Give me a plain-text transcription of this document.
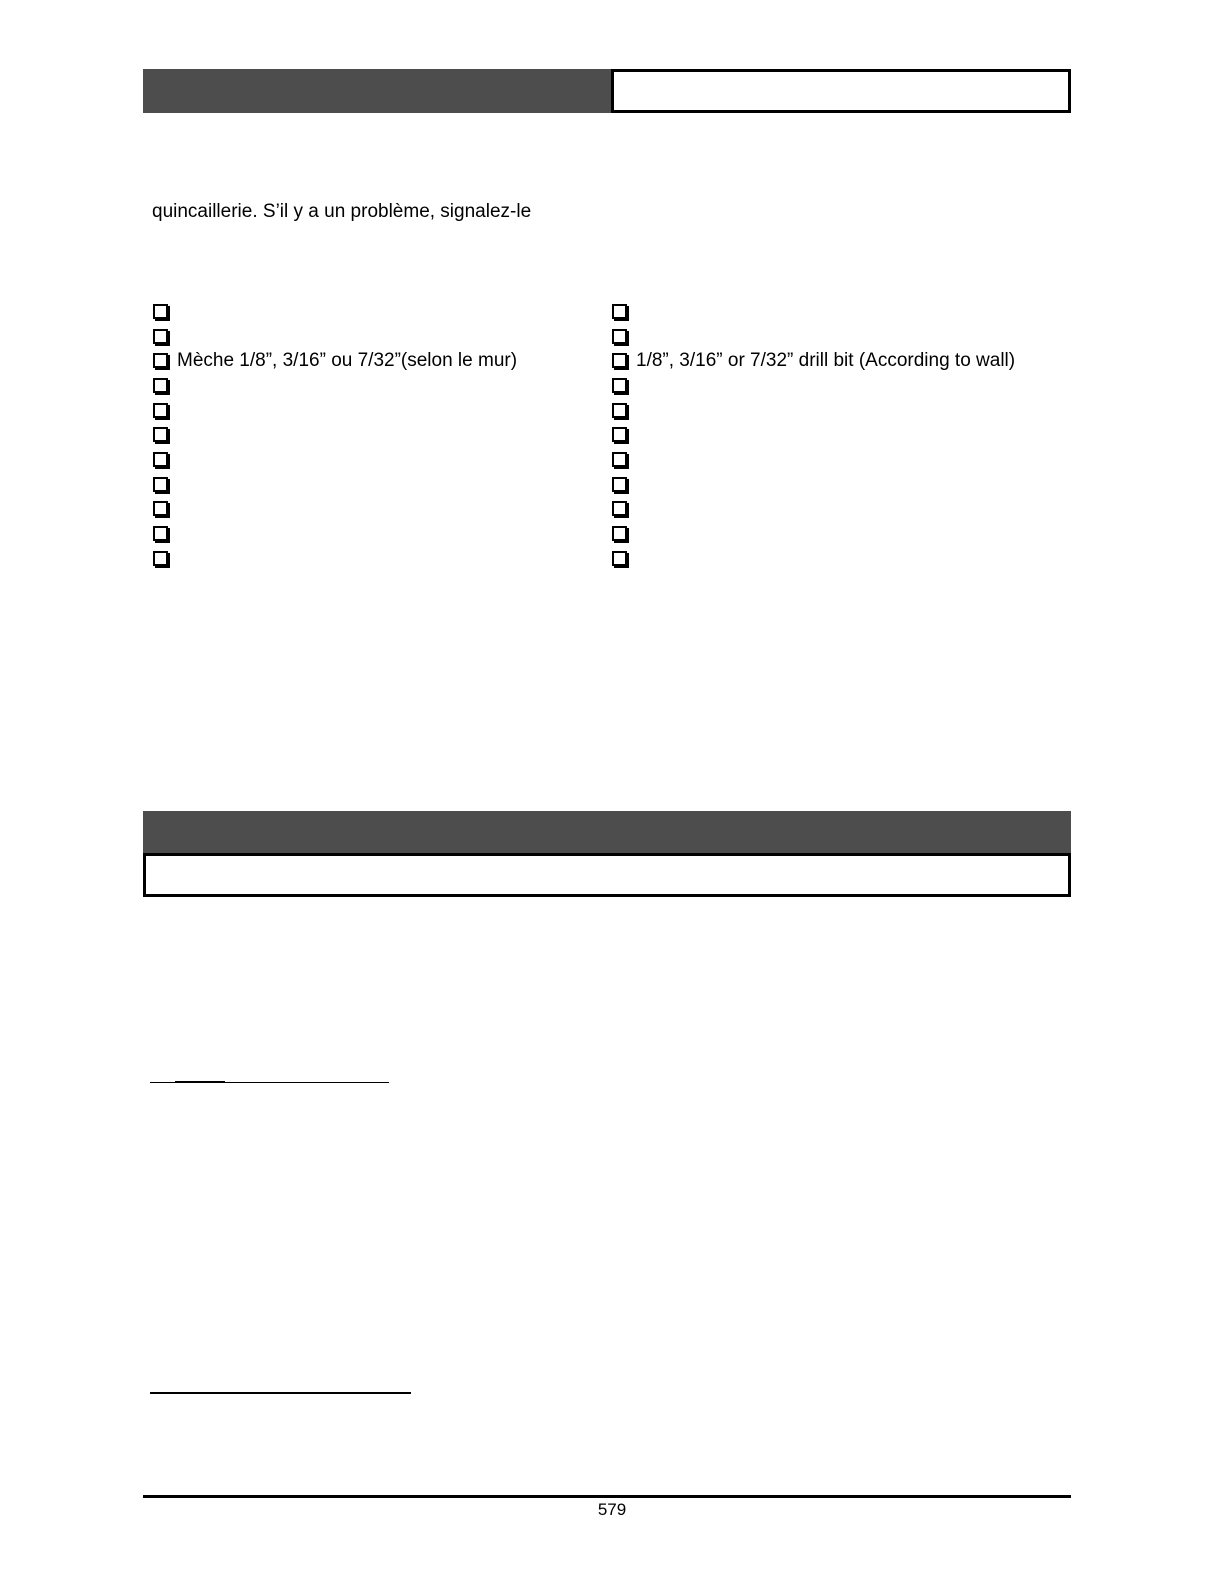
quincaillerie. S’il y a un problème, signalez-le
Mèche 1/8”, 3/16” ou 7/32”(selon le mur)	1/8”, 3/16” or 7/32” drill bit (According to wall)
579
